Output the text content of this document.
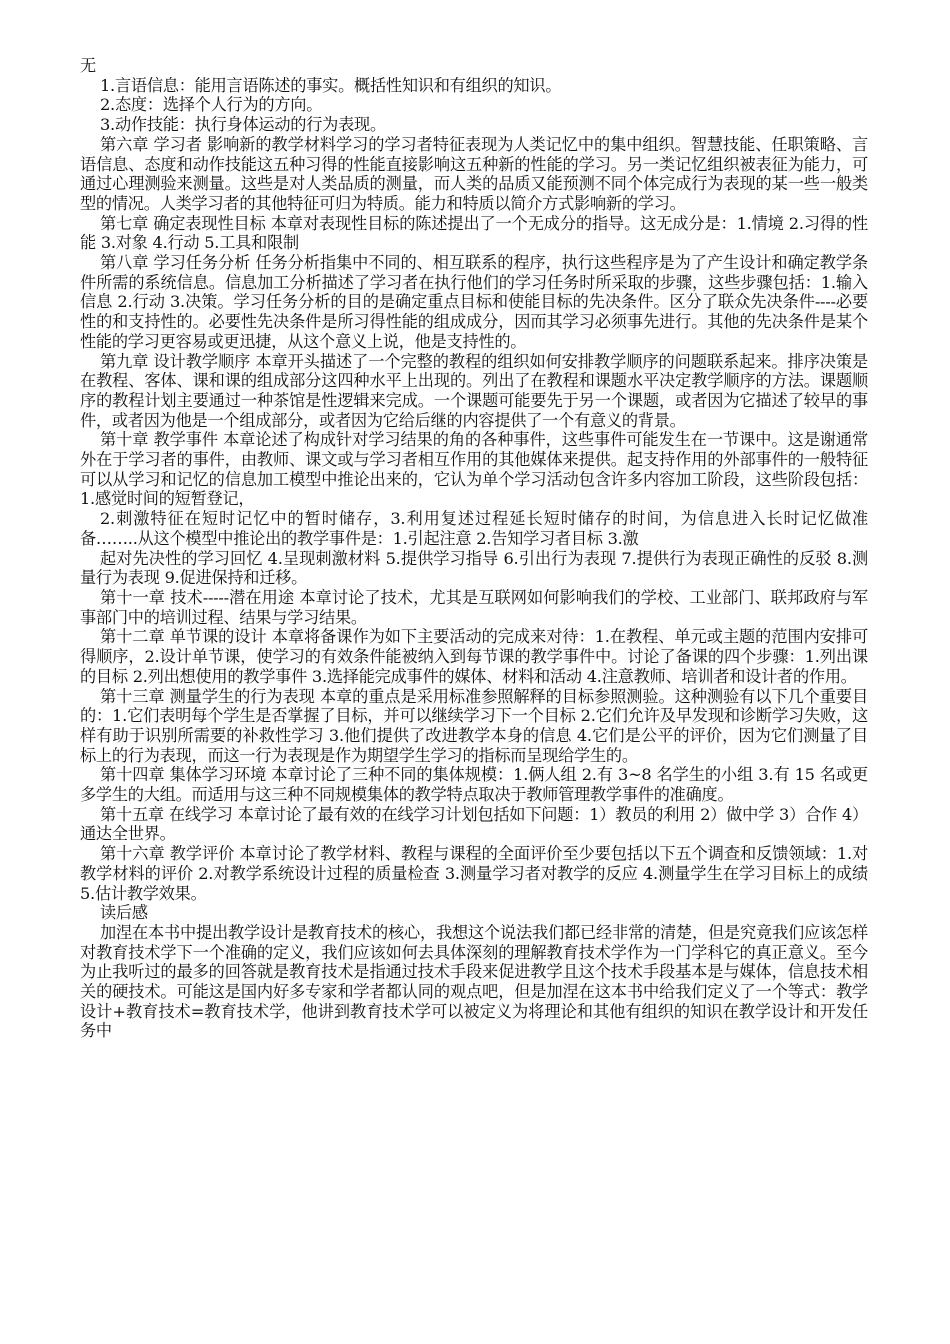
无

1.言语信息：能用言语陈述的事实。概括性知识和有组织的知识。

2.态度：选择个人行为的方向。

3.动作技能：执行身体运动的行为表现。

第六章 学习者 影响新的教学材料学习的学习者特征表现为人类记忆中的集中组织。智慧技能、任职策略、言语信息、态度和动作技能这五种习得的性能直接影响这五种新的性能的学习。另一类记忆组织被表征为能力，可通过心理测验来测量。这些是对人类品质的测量，而人类的品质又能预测不同个体完成行为表现的某一些一般类型的情况。人类学习者的其他特征可归为特质。能力和特质以简介方式影响新的学习。

第七章 确定表现性目标 本章对表现性目标的陈述提出了一个无成分的指导。这无成分是：1.情境 2.习得的性能 3.对象 4.行动 5.工具和限制

第八章 学习任务分析 任务分析指集中不同的、相互联系的程序，执行这些程序是为了产生设计和确定教学条件所需的系统信息。信息加工分析描述了学习者在执行他们的学习任务时所采取的步骤，这些步骤包括：1.输入信息 2.行动 3.决策。学习任务分析的目的是确定重点目标和使能目标的先决条件。区分了联众先决条件----必要性的和支持性的。必要性先决条件是所习得性能的组成成分，因而其学习必须事先进行。其他的先决条件是某个性能的学习更容易或更迅捷，从这个意义上说，他是支持性的。

第九章 设计教学顺序 本章开头描述了一个完整的教程的组织如何安排教学顺序的问题联系起来。排序决策是在教程、客体、课和课的组成部分这四种水平上出现的。列出了在教程和课题水平决定教学顺序的方法。课题顺序的教程计划主要通过一种茶馆是性逻辑来完成。一个课题可能要先于另一个课题，或者因为它描述了较早的事件，或者因为他是一个组成部分，或者因为它给后继的内容提供了一个有意义的背景。

第十章 教学事件 本章论述了构成针对学习结果的角的各种事件，这些事件可能发生在一节课中。这是谢通常外在于学习者的事件，由教师、课文或与学习者相互作用的其他媒体来提供。起支持作用的外部事件的一般特征可以从学习和记忆的信息加工模型中推论出来的，它认为单个学习活动包含许多内容加工阶段，这些阶段包括：1.感觉时间的短暂登记，

2.刺激特征在短时记忆中的暂时储存，3.利用复述过程延长短时储存的时间，为信息进入长时记忆做准备……..从这个模型中推论出的教学事件是：1.引起注意 2.告知学习者目标 3.激

起对先决性的学习回忆 4.呈现刺激材料 5.提供学习指导 6.引出行为表现 7.提供行为表现正确性的反驳 8.测量行为表现 9.促进保持和迁移。

第十一章 技术-----潜在用途 本章讨论了技术，尤其是互联网如何影响我们的学校、工业部门、联邦政府与军事部门中的培训过程、结果与学习结果。

第十二章 单节课的设计 本章将备课作为如下主要活动的完成来对待：1.在教程、单元或主题的范围内安排可得顺序，2.设计单节课，使学习的有效条件能被纳入到每节课的教学事件中。讨论了备课的四个步骤：1.列出课的目标 2.列出想使用的教学事件 3.选择能完成事件的媒体、材料和活动 4.注意教师、培训者和设计者的作用。

第十三章 测量学生的行为表现 本章的重点是采用标准参照解释的目标参照测验。这种测验有以下几个重要目的：1.它们表明每个学生是否掌握了目标，并可以继续学习下一个目标 2.它们允许及早发现和诊断学习失败，这样有助于识别所需要的补救性学习 3.他们提供了改进教学本身的信息 4.它们是公平的评价，因为它们测量了目标上的行为表现，而这一行为表现是作为期望学生学习的指标而呈现给学生的。

第十四章 集体学习环境 本章讨论了三种不同的集体规模：1.俩人组 2.有 3~8 名学生的小组 3.有 15 名或更多学生的大组。而适用与这三种不同规模集体的教学特点取决于教师管理教学事件的准确度。

第十五章 在线学习 本章讨论了最有效的在线学习计划包括如下问题：1）教员的利用 2）做中学 3）合作 4）通达全世界。

第十六章 教学评价 本章讨论了教学材料、教程与课程的全面评价至少要包括以下五个调查和反馈领域：1.对教学材料的评价 2.对教学系统设计过程的质量检查 3.测量学习者对教学的反应 4.测量学生在学习目标上的成绩 5.估计教学效果。

读后感

加涅在本书中提出教学设计是教育技术的核心，我想这个说法我们都已经非常的清楚，但是究竟我们应该怎样对教育技术学下一个准确的定义，我们应该如何去具体深刻的理解教育技术学作为一门学科它的真正意义。至今为止我听过的最多的回答就是教育技术是指通过技术手段来促进教学且这个技术手段基本是与媒体，信息技术相关的硬技术。可能这是国内好多专家和学者都认同的观点吧，但是加涅在这本书中给我们定义了一个等式：教学设计+教育技术=教育技术学，他讲到教育技术学可以被定义为将理论和其他有组织的知识在教学设计和开发任务中
